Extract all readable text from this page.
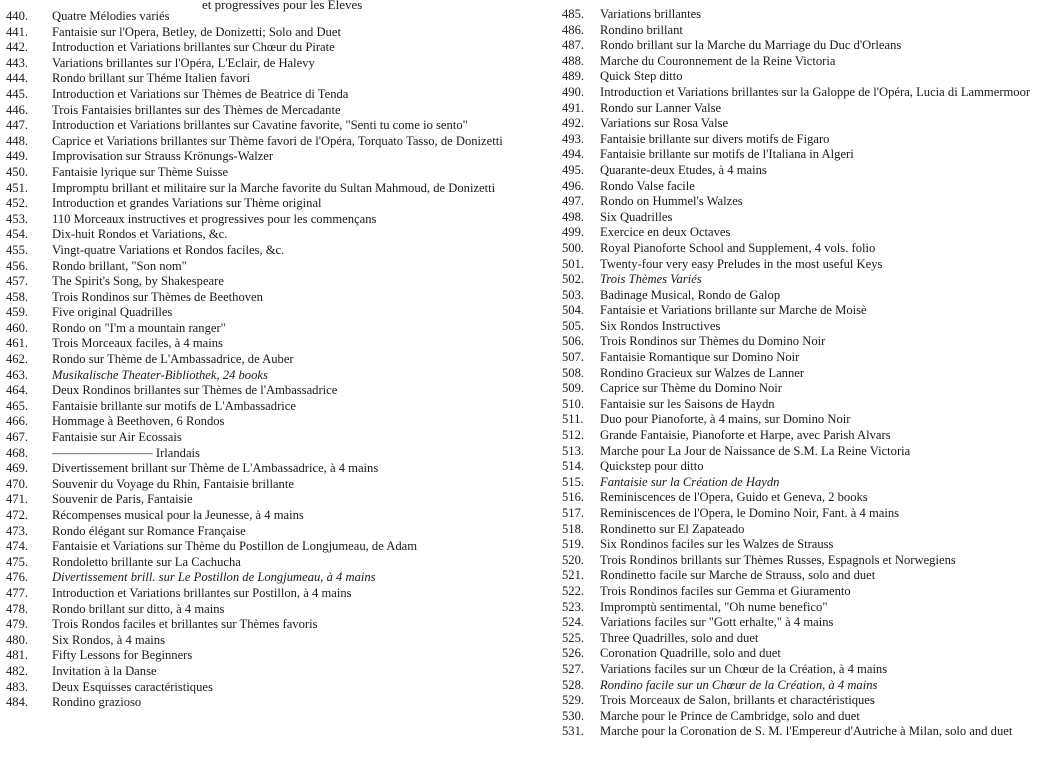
et progressives pour les Eleves
440.	Quatre Mélodies variés
441.	Fantaisie sur l'Opera, Betley, de Donizetti; Solo and Duet
442.	Introduction et Variations brillantes sur Chœur du Pirate
443.	Variations brillantes sur l'Opéra, L'Eclair, de Halevy
444.	Rondo brillant sur Théme Italien favori
445.	Introduction et Variations sur Thèmes de Beatrice di Tenda
446.	Trois Fantaisies brillantes sur des Thèmes de Mercadante
447.	Introduction et Variations brillantes sur Cavatine favorite, "Senti tu come io sento"
448.	Caprice et Variations brillantes sur Thème favori de l'Opéra, Torquato Tasso, de Donizetti
449.	Improvisation sur Strauss Krönungs-Walzer
450.	Fantaisie lyrique sur Thème Suisse
451.	Impromptu brillant et militaire sur la Marche favorite du Sultan Mahmoud, de Donizetti
452.	Introduction et grandes Variations sur Thème original
453.	110 Morceaux instructives et progressives pour les commençans
454.	Dix-huit Rondos et Variations, &c.
455.	Vingt-quatre Variations et Rondos faciles, &c.
456.	Rondo brillant, "Son nom"
457.	The Spirit's Song, by Shakespeare
458.	Trois Rondinos sur Thèmes de Beethoven
459.	Five original Quadrilles
460.	Rondo on "I'm a mountain ranger"
461.	Trois Morceaux faciles, à 4 mains
462.	Rondo sur Thème de L'Ambassadrice, de Auber
463.	Musikalische Theater-Bibliothek, 24 books
464.	Deux Rondinos brillantes sur Thèmes de l'Ambassadrice
465.	Fantaisie brillante sur motifs de L'Ambassadrice
466.	Hommage à Beethoven, 6 Rondos
467.	Fantaisie sur Air Ecossais
468.	———————— Irlandais
469.	Divertissement brillant sur Thème de L'Ambassadrice, à 4 mains
470.	Souvenir du Voyage du Rhin, Fantaisie brillante
471.	Souvenir de Paris, Fantaisie
472.	Récompenses musical pour la Jeunesse, à 4 mains
473.	Rondo élégant sur Romance Française
474.	Fantaisie et Variations sur Thème du Postillon de Longjumeau, de Adam
475.	Rondoletto brillante sur La Cachucha
476.	Divertissement brill. sur Le Postillon de Longjumeau, à 4 mains
477.	Introduction et Variations brillantes sur Postillon, à 4 mains
478.	Rondo brillant sur ditto, à 4 mains
479.	Trois Rondos faciles et brillantes sur Thèmes favoris
480.	Six Rondos, à 4 mains
481.	Fifty Lessons for Beginners
482.	Invitation à la Danse
483.	Deux Esquisses caractéristiques
484.	Rondino grazioso
485.	Variations brillantes
486.	Rondino brillant
487.	Rondo brillant sur la Marche du Marriage du Duc d'Orleans
488.	Marche du Couronnement de la Reine Victoria
489.	Quick Step ditto
490.	Introduction et Variations brillantes sur la Galoppe de l'Opéra, Lucia di Lammermoor
491.	Rondo sur Lanner Valse
492.	Variations sur Rosa Valse
493.	Fantaisie brillante sur divers motifs de Figaro
494.	Fantaisie brillante sur motifs de l'Italiana in Algeri
495.	Quarante-deux Etudes, à 4 mains
496.	Rondo Valse facile
497.	Rondo on Hummel's Walzes
498.	Six Quadrilles
499.	Exercice en deux Octaves
500.	Royal Pianoforte School and Supplement, 4 vols. folio
501.	Twenty-four very easy Preludes in the most useful Keys
502.	Trois Thèmes Variés
503.	Badinage Musical, Rondo de Galop
504.	Fantaisie et Variations brillante sur Marche de Moisè
505.	Six Rondos Instructives
506.	Trois Rondinos sur Thèmes du Domino Noir
507.	Fantaisie Romantique sur Domino Noir
508.	Rondino Gracieux sur Walzes de Lanner
509.	Caprice sur Thème du Domino Noir
510.	Fantaisie sur les Saisons de Haydn
511.	Duo pour Pianoforte, à 4 mains, sur Domino Noir
512.	Grande Fantaisie, Pianoforte et Harpe, avec Parish Alvars
513.	Marche pour La Jour de Naissance de S.M. La Reine Victoria
514.	Quickstep pour ditto
515.	Fantaisie sur la Création de Haydn
516.	Reminiscences de l'Opera, Guido et Geneva, 2 books
517.	Reminiscences de l'Opera, le Domino Noir, Fant. à 4 mains
518.	Rondinetto sur El Zapateado
519.	Six Rondinos faciles sur les Walzes de Strauss
520.	Trois Rondinos brillants sur Thèmes Russes, Espagnols et Norwegiens
521.	Rondinetto facile sur Marche de Strauss, solo and duet
522.	Trois Rondinos faciles sur Gemma et Giuramento
523.	Impromptù sentimental, "Oh nume benefico"
524.	Variations faciles sur "Gott erhalte," à 4 mains
525.	Three Quadrilles, solo and duet
526.	Coronation Quadrille, solo and duet
527.	Variations faciles sur un Chœur de la Création, à 4 mains
528.	Rondino facile sur un Chœur de la Création, à 4 mains
529.	Trois Morceaux de Salon, brillants et charactéristiques
530.	Marche pour le Prince de Cambridge, solo and duet
531.	Marche pour la Coronation de S. M. l'Empereur d'Autriche à Milan, solo and duet
